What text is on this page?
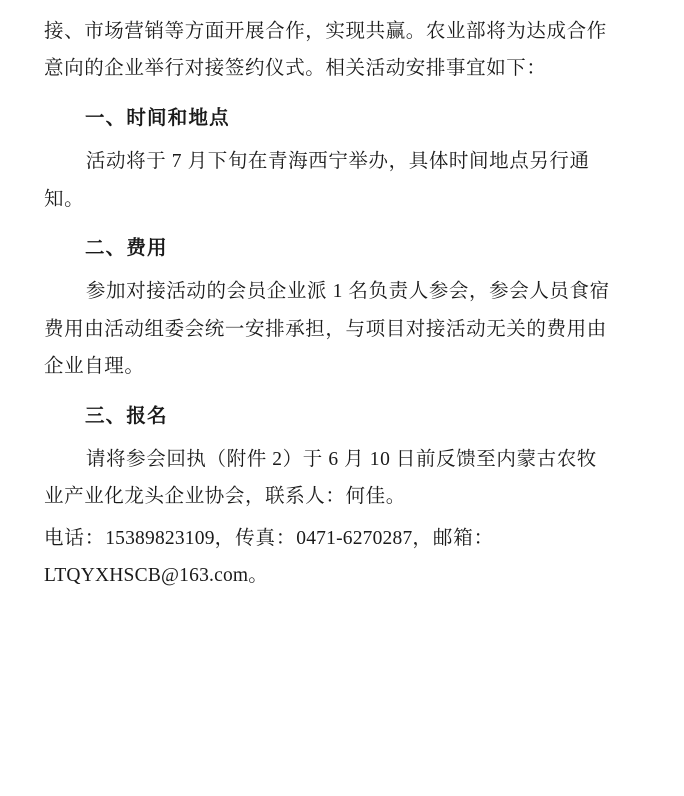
接、市场营销等方面开展合作，实现共赢。农业部将为达成合作

意向的企业举行对接签约仪式。相关活动安排事宜如下：

一、时间和地点

活动将于 7 月下旬在青海西宁举办，具体时间地点另行通

知。

二、费用

参加对接活动的会员企业派 1 名负责人参会，参会人员食宿

费用由活动组委会统一安排承担，与项目对接活动无关的费用由

企业自理。

三、报名

请将参会回执（附件 2）于 6 月 10 日前反馈至内蒙古农牧

业产业化龙头企业协会，联系人：何佳。

电话：15389823109，传真：0471-6270287，邮箱：

LTQYXHSCB@163.com。
